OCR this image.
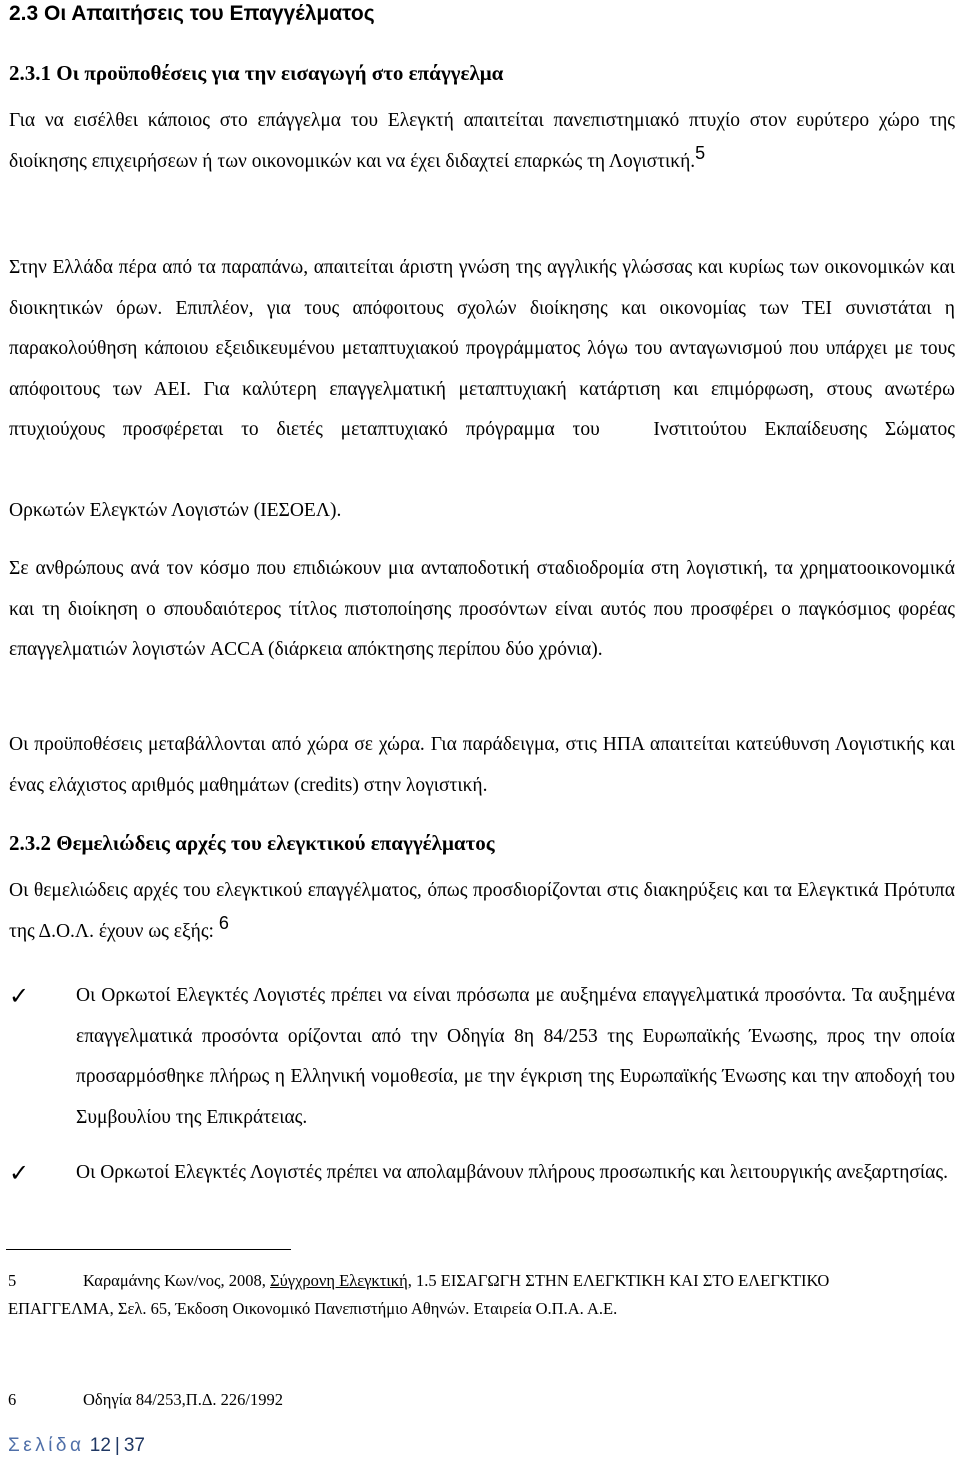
2.3 Οι Απαιτήσεις του Επαγγέλματος
2.3.1 Οι προϋποθέσεις για την εισαγωγή στο επάγγελμα

Για να εισέλθει κάποιος στο επάγγελμα του Ελεγκτή απαιτείται πανεπιστημιακό πτυχίο στον ευρύτερο χώρο της διοίκησης επιχειρήσεων ή των οικονομικών και να έχει διδαχτεί επαρκώς τη Λογιστική.$^5$

Στην Ελλάδα πέρα από τα παραπάνω, απαιτείται άριστη γνώση της αγγλικής γλώσσας και κυρίως των οικονομικών και διοικητικών όρων. Επιπλέον, για τους απόφοιτους σχολών διοίκησης και οικονομίας των ΤΕΙ συνιστάται η παρακολούθηση κάποιου εξειδικευμένου μεταπτυχιακού προγράμματος λόγω του ανταγωνισμού που υπάρχει με τους απόφοιτους των ΑΕΙ. Για καλύτερη επαγγελματική μεταπτυχιακή κατάρτιση και επιμόρφωση, στους ανωτέρω πτυχιούχους προσφέρεται το διετές μεταπτυχιακό πρόγραμμα του	Ινστιτούτου Εκπαίδευσης Σώματος

Ορκωτών Ελεγκτών Λογιστών (ΙΕΣΟΕΛ).

Σε ανθρώπους ανά τον κόσμο που επιδιώκουν μια ανταποδοτική σταδιοδρομία στη λογιστική, τα χρηματοοικονομικά και τη διοίκηση ο σπουδαιότερος τίτλος πιστοποίησης προσόντων είναι αυτός που προσφέρει ο παγκόσμιος φορέας επαγγελματιών λογιστών ACCA (διάρκεια απόκτησης περίπου δύο χρόνια).

Οι προϋποθέσεις μεταβάλλονται από χώρα σε χώρα. Για παράδειγμα, στις ΗΠΑ απαιτείται κατεύθυνση Λογιστικής και ένας ελάχιστος αριθμός μαθημάτων (credits) στην λογιστική.

2.3.2 Θεμελιώδεις αρχές του ελεγκτικού επαγγέλματος

Οι θεμελιώδεις αρχές του ελεγκτικού επαγγέλματος, όπως προσδιορίζονται στις διακηρύξεις και τα Ελεγκτικά Πρότυπα της Δ.Ο.Λ. έχουν ως εξής: $^6$

✓ Οι Ορκωτοί Ελεγκτές Λογιστές πρέπει να είναι πρόσωπα με αυξημένα επαγγελματικά προσόντα. Τα αυξημένα επαγγελματικά προσόντα ορίζονται από την Οδηγία 8η 84/253 της Ευρωπαϊκής Ένωσης, προς την οποία προσαρμόσθηκε πλήρως η Ελληνική νομοθεσία, με την έγκριση της Ευρωπαϊκής Ένωσης και την αποδοχή του Συμβουλίου της Επικράτειας.
✓ Οι Ορκωτοί Ελεγκτές Λογιστές πρέπει να απολαμβάνουν πλήρους προσωπικής και λειτουργικής ανεξαρτησίας.

5	Καραμάνης Κων/νος, 2008, Σύγχρονη Ελεγκτική, 1.5 ΕΙΣΑΓΩΓΗ ΣΤΗΝ ΕΛΕΓΚΤΙΚΗ ΚΑΙ ΣΤΟ ΕΛΕΓΚΤΙΚΟ ΕΠΑΓΓΕΛΜΑ, Σελ. 65, Έκδοση Οικονομικό Πανεπιστήμιο Αθηνών. Εταιρεία Ο.Π.Α. Α.Ε.

6	Οδηγία 84/253,Π.Δ. 226/1992

Σελίδα 12 | 37
